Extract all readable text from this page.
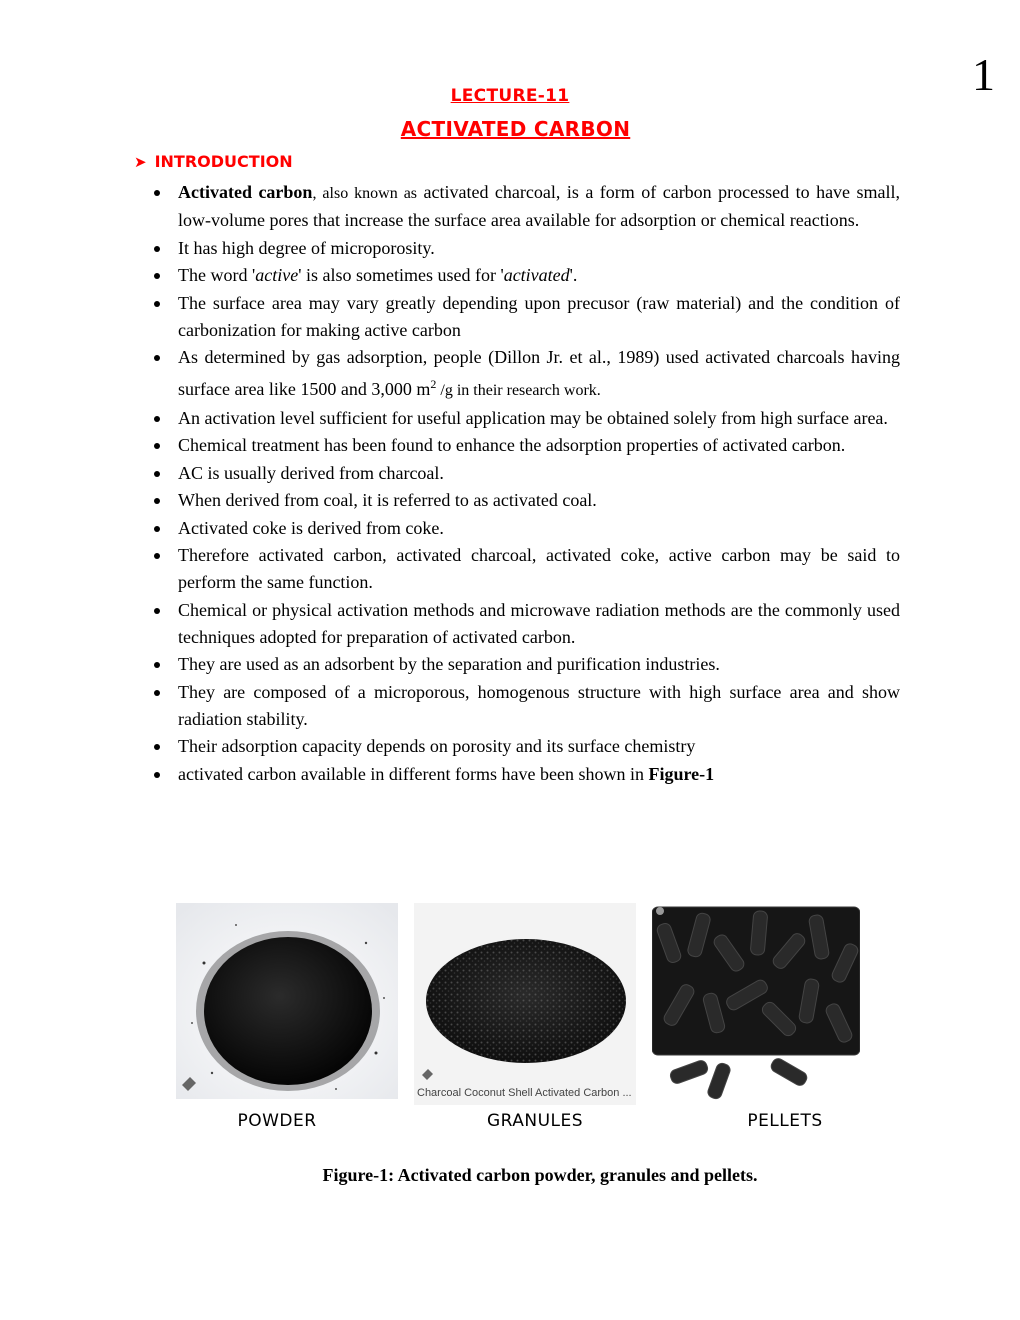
1
LECTURE-11
ACTIVATED CARBON
➤ INTRODUCTION
Activated carbon, also known as activated charcoal, is a form of carbon processed to have small, low-volume pores that increase the surface area available for adsorption or chemical reactions.
It has high degree of microporosity.
The word 'active' is also sometimes used for 'activated'.
The surface area may vary greatly depending upon precusor (raw material) and the condition of carbonization for making active carbon
As determined by gas adsorption, people (Dillon Jr. et al., 1989) used activated charcoals having surface area like 1500 and 3,000 $m^2$ /g in their research work.
An activation level sufficient for useful application may be obtained solely from high surface area.
Chemical treatment has been found to enhance the adsorption properties of activated carbon.
AC is usually derived from charcoal.
When derived from coal, it is referred to as activated coal.
Activated coke is derived from coke.
Therefore activated carbon, activated charcoal, activated coke, active carbon may be said to perform the same function.
Chemical or physical activation methods and microwave radiation methods are the commonly used techniques adopted for preparation of activated carbon.
They are used as an adsorbent by the separation and purification industries.
They are composed of a microporous, homogenous structure with high surface area and show radiation stability.
Their adsorption capacity depends on porosity and its surface chemistry
activated carbon available in different forms have been shown in Figure-1
Charcoal Coconut Shell Activated Carbon ...
POWDER	GRANULES	PELLETS
Figure-1: Activated carbon powder, granules and pellets.
